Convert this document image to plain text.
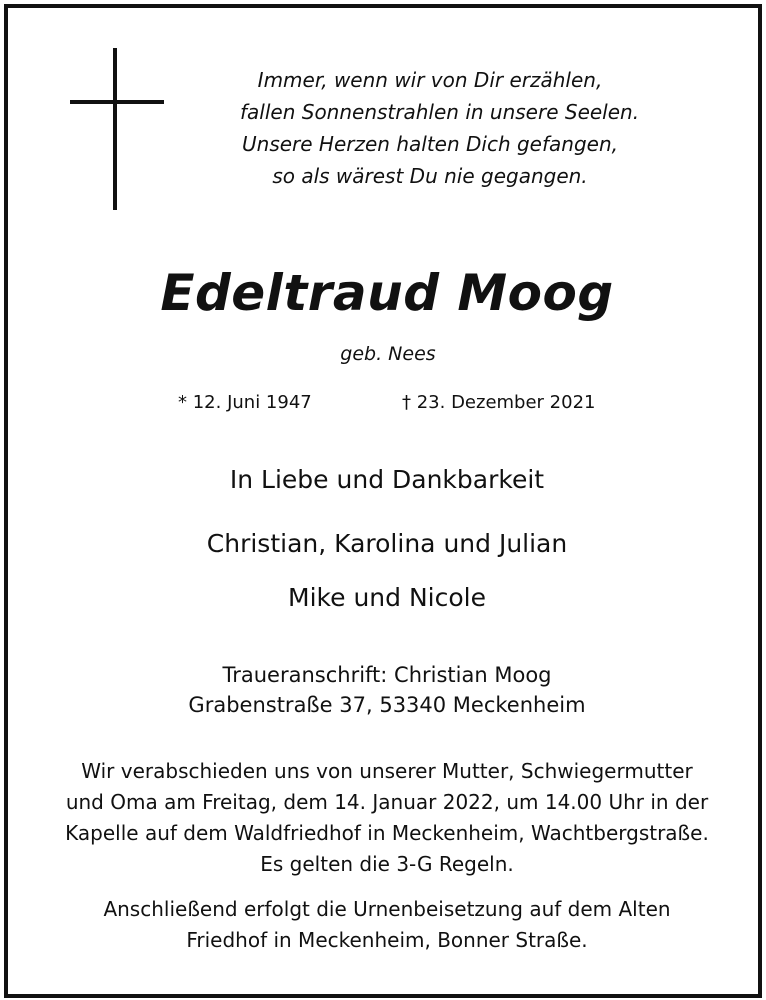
Immer, wenn wir von Dir erzählen,
fallen Sonnenstrahlen in unsere Seelen.
Unsere Herzen halten Dich gefangen,
so als wärest Du nie gegangen.
Edeltraud Moog
geb. Nees
* 12. Juni 1947	† 23. Dezember 2021
In Liebe und Dankbarkeit
Christian, Karolina und Julian
Mike und Nicole
Traueranschrift: Christian Moog
Grabenstraße 37, 53340 Meckenheim
Wir verabschieden uns von unserer Mutter, Schwiegermutter
und Oma am Freitag, dem 14. Januar 2022, um 14.00 Uhr in der
Kapelle auf dem Waldfriedhof in Meckenheim, Wachtbergstraße.
Es gelten die 3-G Regeln.
Anschließend erfolgt die Urnenbeisetzung auf dem Alten
Friedhof in Meckenheim, Bonner Straße.
